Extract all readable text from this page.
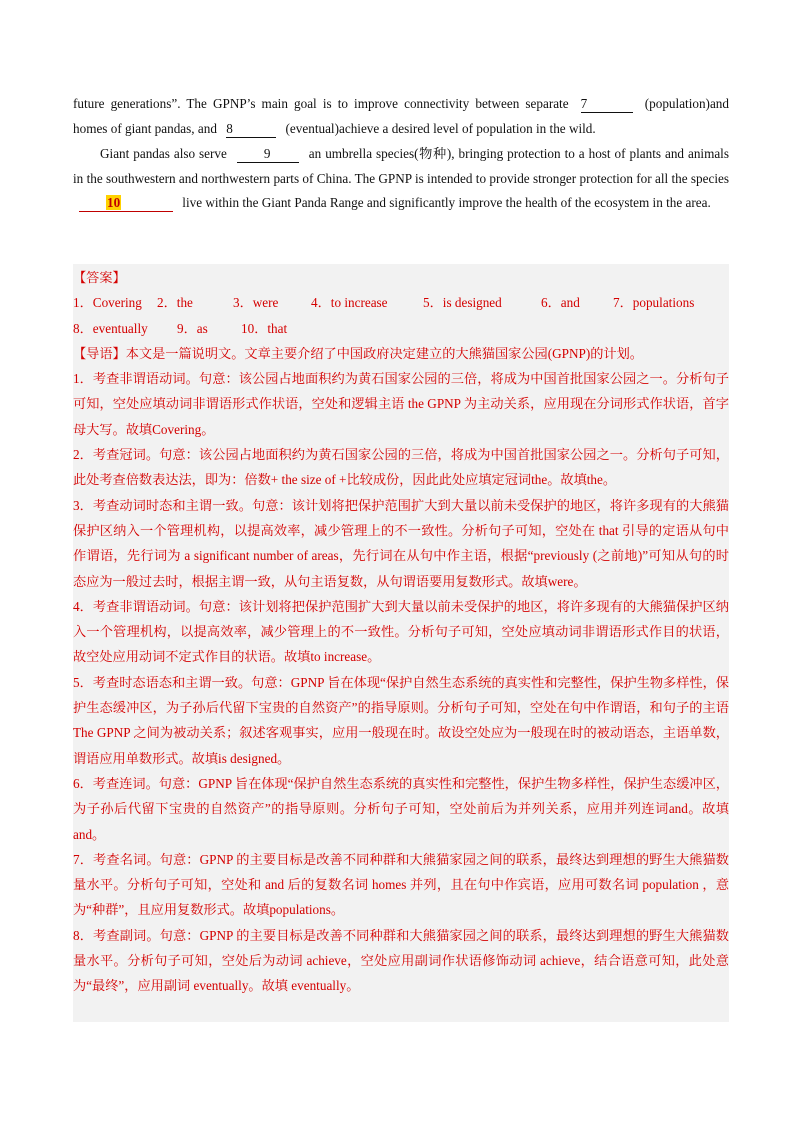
future generations”. The GPNP’s main goal is to improve connectivity between separate 7	(population)and homes of giant pandas, and 8	(eventual)achieve a desired level of population in the wild.

Giant pandas also serve	9	an umbrella species(物种), bringing protection to a host of plants and animals in the southwestern and northwestern parts of China. The GPNP is intended to provide stronger protection for all the species 10	live within the Giant Panda Range and significantly improve the health of the ecosystem in the area.

【答案】
1．Covering 2．the	3．were 4．to increase	5．is designed	6．and	7．populations
8．eventually 9．as	10．that

【导语】本文是一篇说明文。文章主要介绍了中国政府决定建立的大熊猫国家公园(GPNP)的计划。

1．考查非谓语动词。句意：该公园占地面积约为黄石国家公园的三倍，将成为中国首批国家公园之一。分析句子可知，空处应填动词非谓语形式作状语，空处和逻辑主语 the GPNP 为主动关系，应用现在分词形式作状语，首字母大写。故填Covering。

2．考查冠词。句意：该公园占地面积约为黄石国家公园的三倍，将成为中国首批国家公园之一。分析句子可知，此处考查倍数表达法，即为：倍数+ the size of +比较成份，因此此处应填定冠词the。故填the。

3．考查动词时态和主谓一致。句意：该计划将把保护范围扩大到大量以前未受保护的地区，将许多现有的大熊猫保护区纳入一个管理机构，以提高效率，减少管理上的不一致性。分析句子可知，空处在 that 引导的定语从句中作谓语，先行词为 a significant number of areas，先行词在从句中作主语，根据“previously (之前地)”可知从句的时态应为一般过去时，根据主谓一致，从句主语复数，从句谓语要用复数形式。故填were。

4．考查非谓语动词。句意：该计划将把保护范围扩大到大量以前未受保护的地区，将许多现有的大熊猫保护区纳入一个管理机构，以提高效率，减少管理上的不一致性。分析句子可知，空处应填动词非谓语形式作目的状语，故空处应用动词不定式作目的状语。故填to increase。

5．考查时态语态和主谓一致。句意：GPNP 旨在体现“保护自然生态系统的真实性和完整性，保护生物多样性，保护生态缓冲区，为子孙后代留下宝贵的自然资产”的指导原则。分析句子可知，空处在句中作谓语，和句子的主语 The GPNP 之间为被动关系；叙述客观事实，应用一般现在时。故设空处应为一般现在时的被动语态，主语单数，谓语应用单数形式。故填is designed。

6．考查连词。句意：GPNP 旨在体现“保护自然生态系统的真实性和完整性，保护生物多样性，保护生态缓冲区，为子孙后代留下宝贵的自然资产”的指导原则。分析句子可知，空处前后为并列关系，应用并列连词and。故填and。

7．考查名词。句意：GPNP 的主要目标是改善不同种群和大熊猫家园之间的联系，最终达到理想的野生大熊猫数量水平。分析句子可知，空处和 and 后的复数名词 homes 并列，且在句中作宾语，应用可数名词 population ，意为“种群”，且应用复数形式。故填populations。

8．考查副词。句意：GPNP 的主要目标是改善不同种群和大熊猫家园之间的联系，最终达到理想的野生大熊猫数量水平。分析句子可知，空处后为动词 achieve，空处应用副词作状语修饰动词 achieve，结合语意可知，此处意为“最终”，应用副词 eventually。故填 eventually。
